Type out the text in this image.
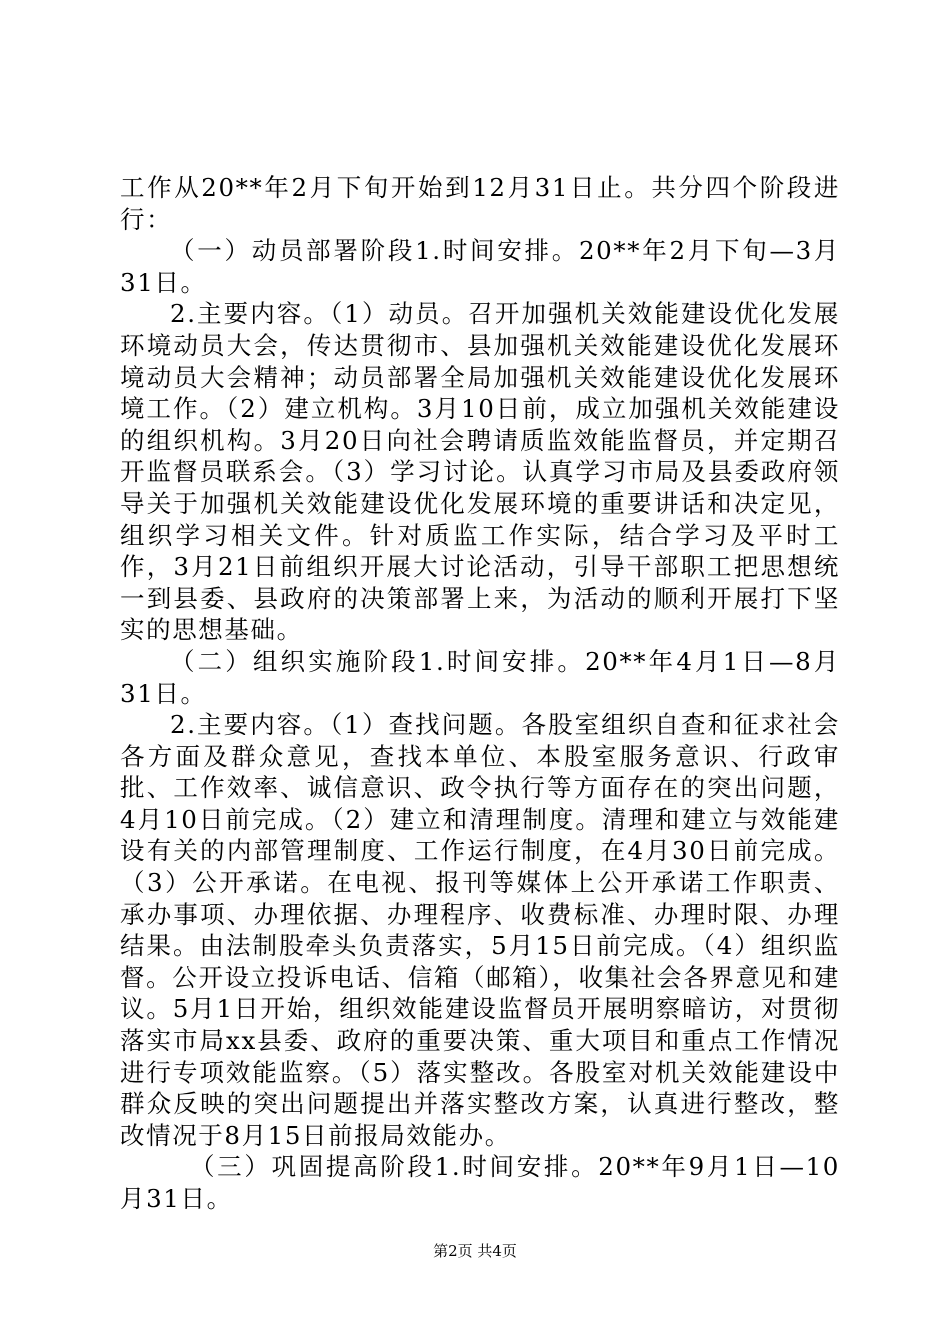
工作从20**年2月下旬开始到12月31日止。共分四个阶段进行：

（一）动员部署阶段1.时间安排。20**年2月下旬—3月31日。

2.主要内容。（1）动员。召开加强机关效能建设优化发展环境动员大会，传达贯彻市、县加强机关效能建设优化发展环境动员大会精神；动员部署全局加强机关效能建设优化发展环境工作。（2）建立机构。3月10日前，成立加强机关效能建设的组织机构。3月20日向社会聘请质监效能监督员，并定期召开监督员联系会。（3）学习讨论。认真学习市局及县委政府领导关于加强机关效能建设优化发展环境的重要讲话和决定见，组织学习相关文件。针对质监工作实际，结合学习及平时工作，3月21日前组织开展大讨论活动，引导干部职工把思想统一到县委、县政府的决策部署上来，为活动的顺利开展打下坚实的思想基础。

（二）组织实施阶段1.时间安排。20**年4月1日—8月31日。

2.主要内容。（1）查找问题。各股室组织自查和征求社会各方面及群众意见，查找本单位、本股室服务意识、行政审批、工作效率、诚信意识、政令执行等方面存在的突出问题，4月10日前完成。（2）建立和清理制度。清理和建立与效能建设有关的内部管理制度、工作运行制度，在4月30日前完成。（3）公开承诺。在电视、报刊等媒体上公开承诺工作职责、承办事项、办理依据、办理程序、收费标准、办理时限、办理结果。由法制股牵头负责落实，5月15日前完成。（4）组织监督。公开设立投诉电话、信箱（邮箱），收集社会各界意见和建议。5月1日开始，组织效能建设监督员开展明察暗访，对贯彻落实市局xx县委、政府的重要决策、重大项目和重点工作情况进行专项效能监察。（5）落实整改。各股室对机关效能建设中群众反映的突出问题提出并落实整改方案，认真进行整改，整改情况于8月15日前报局效能办。

（三）巩固提高阶段1.时间安排。20**年9月1日—10月31日。

第2页 共4页
